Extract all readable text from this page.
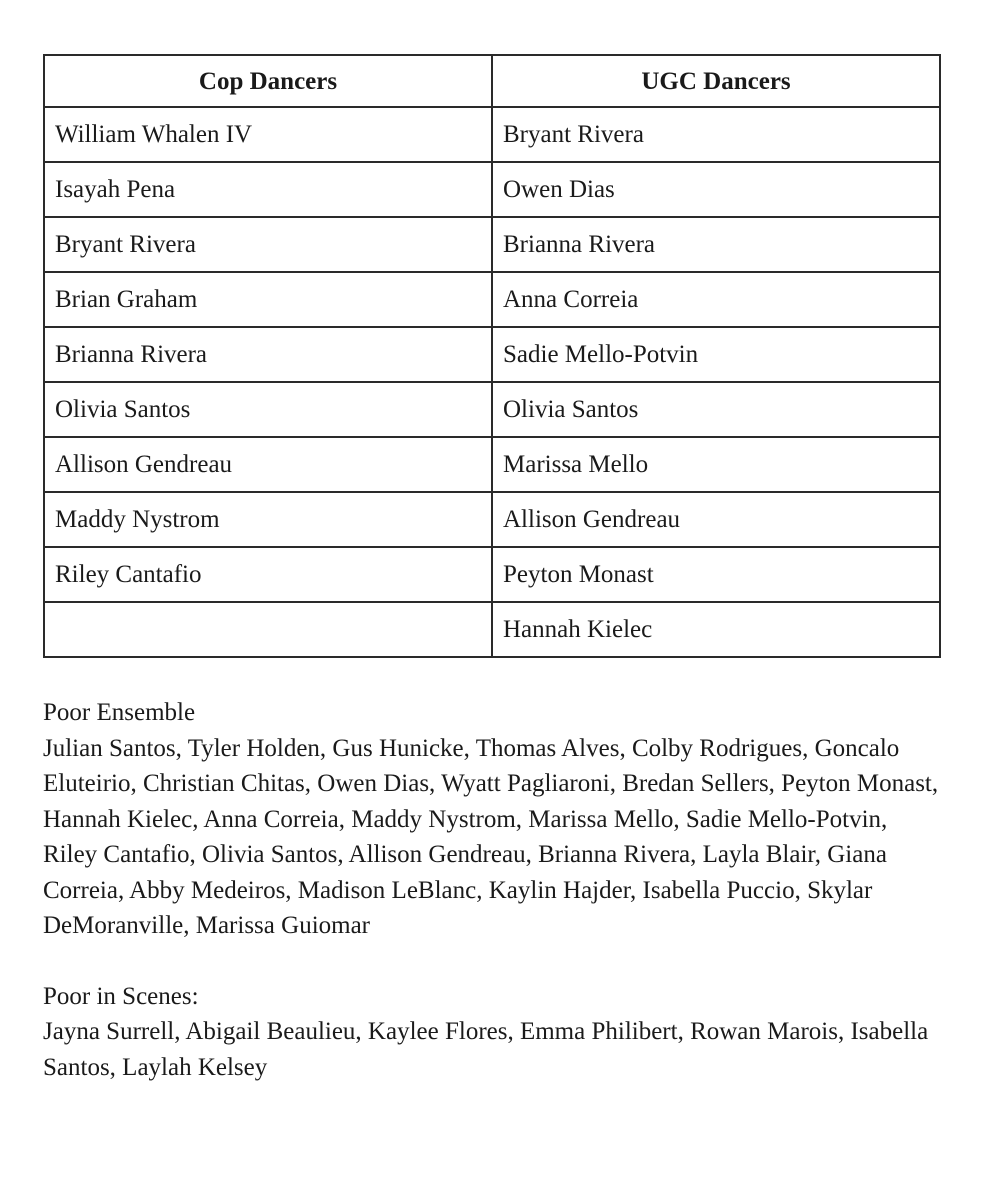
Cop Dancers	UGC Dancers
William Whalen IV	Bryant Rivera
Isayah Pena	Owen Dias
Bryant Rivera	Brianna Rivera
Brian Graham	Anna Correia
Brianna Rivera	Sadie Mello-Potvin
Olivia Santos	Olivia Santos
Allison Gendreau	Marissa Mello
Maddy Nystrom	Allison Gendreau
Riley Cantafio	Peyton Monast
	Hannah Kielec
Poor Ensemble
Julian Santos, Tyler Holden, Gus Hunicke, Thomas Alves, Colby Rodrigues, Goncalo Eluteirio, Christian Chitas, Owen Dias, Wyatt Pagliaroni, Bredan Sellers, Peyton Monast, Hannah Kielec, Anna Correia, Maddy Nystrom, Marissa Mello, Sadie Mello-Potvin, Riley Cantafio, Olivia Santos, Allison Gendreau, Brianna Rivera, Layla Blair, Giana Correia, Abby Medeiros, Madison LeBlanc, Kaylin Hajder, Isabella Puccio, Skylar DeMoranville, Marissa Guiomar
Poor in Scenes:
Jayna Surrell, Abigail Beaulieu, Kaylee Flores, Emma Philibert, Rowan Marois, Isabella Santos, Laylah Kelsey
